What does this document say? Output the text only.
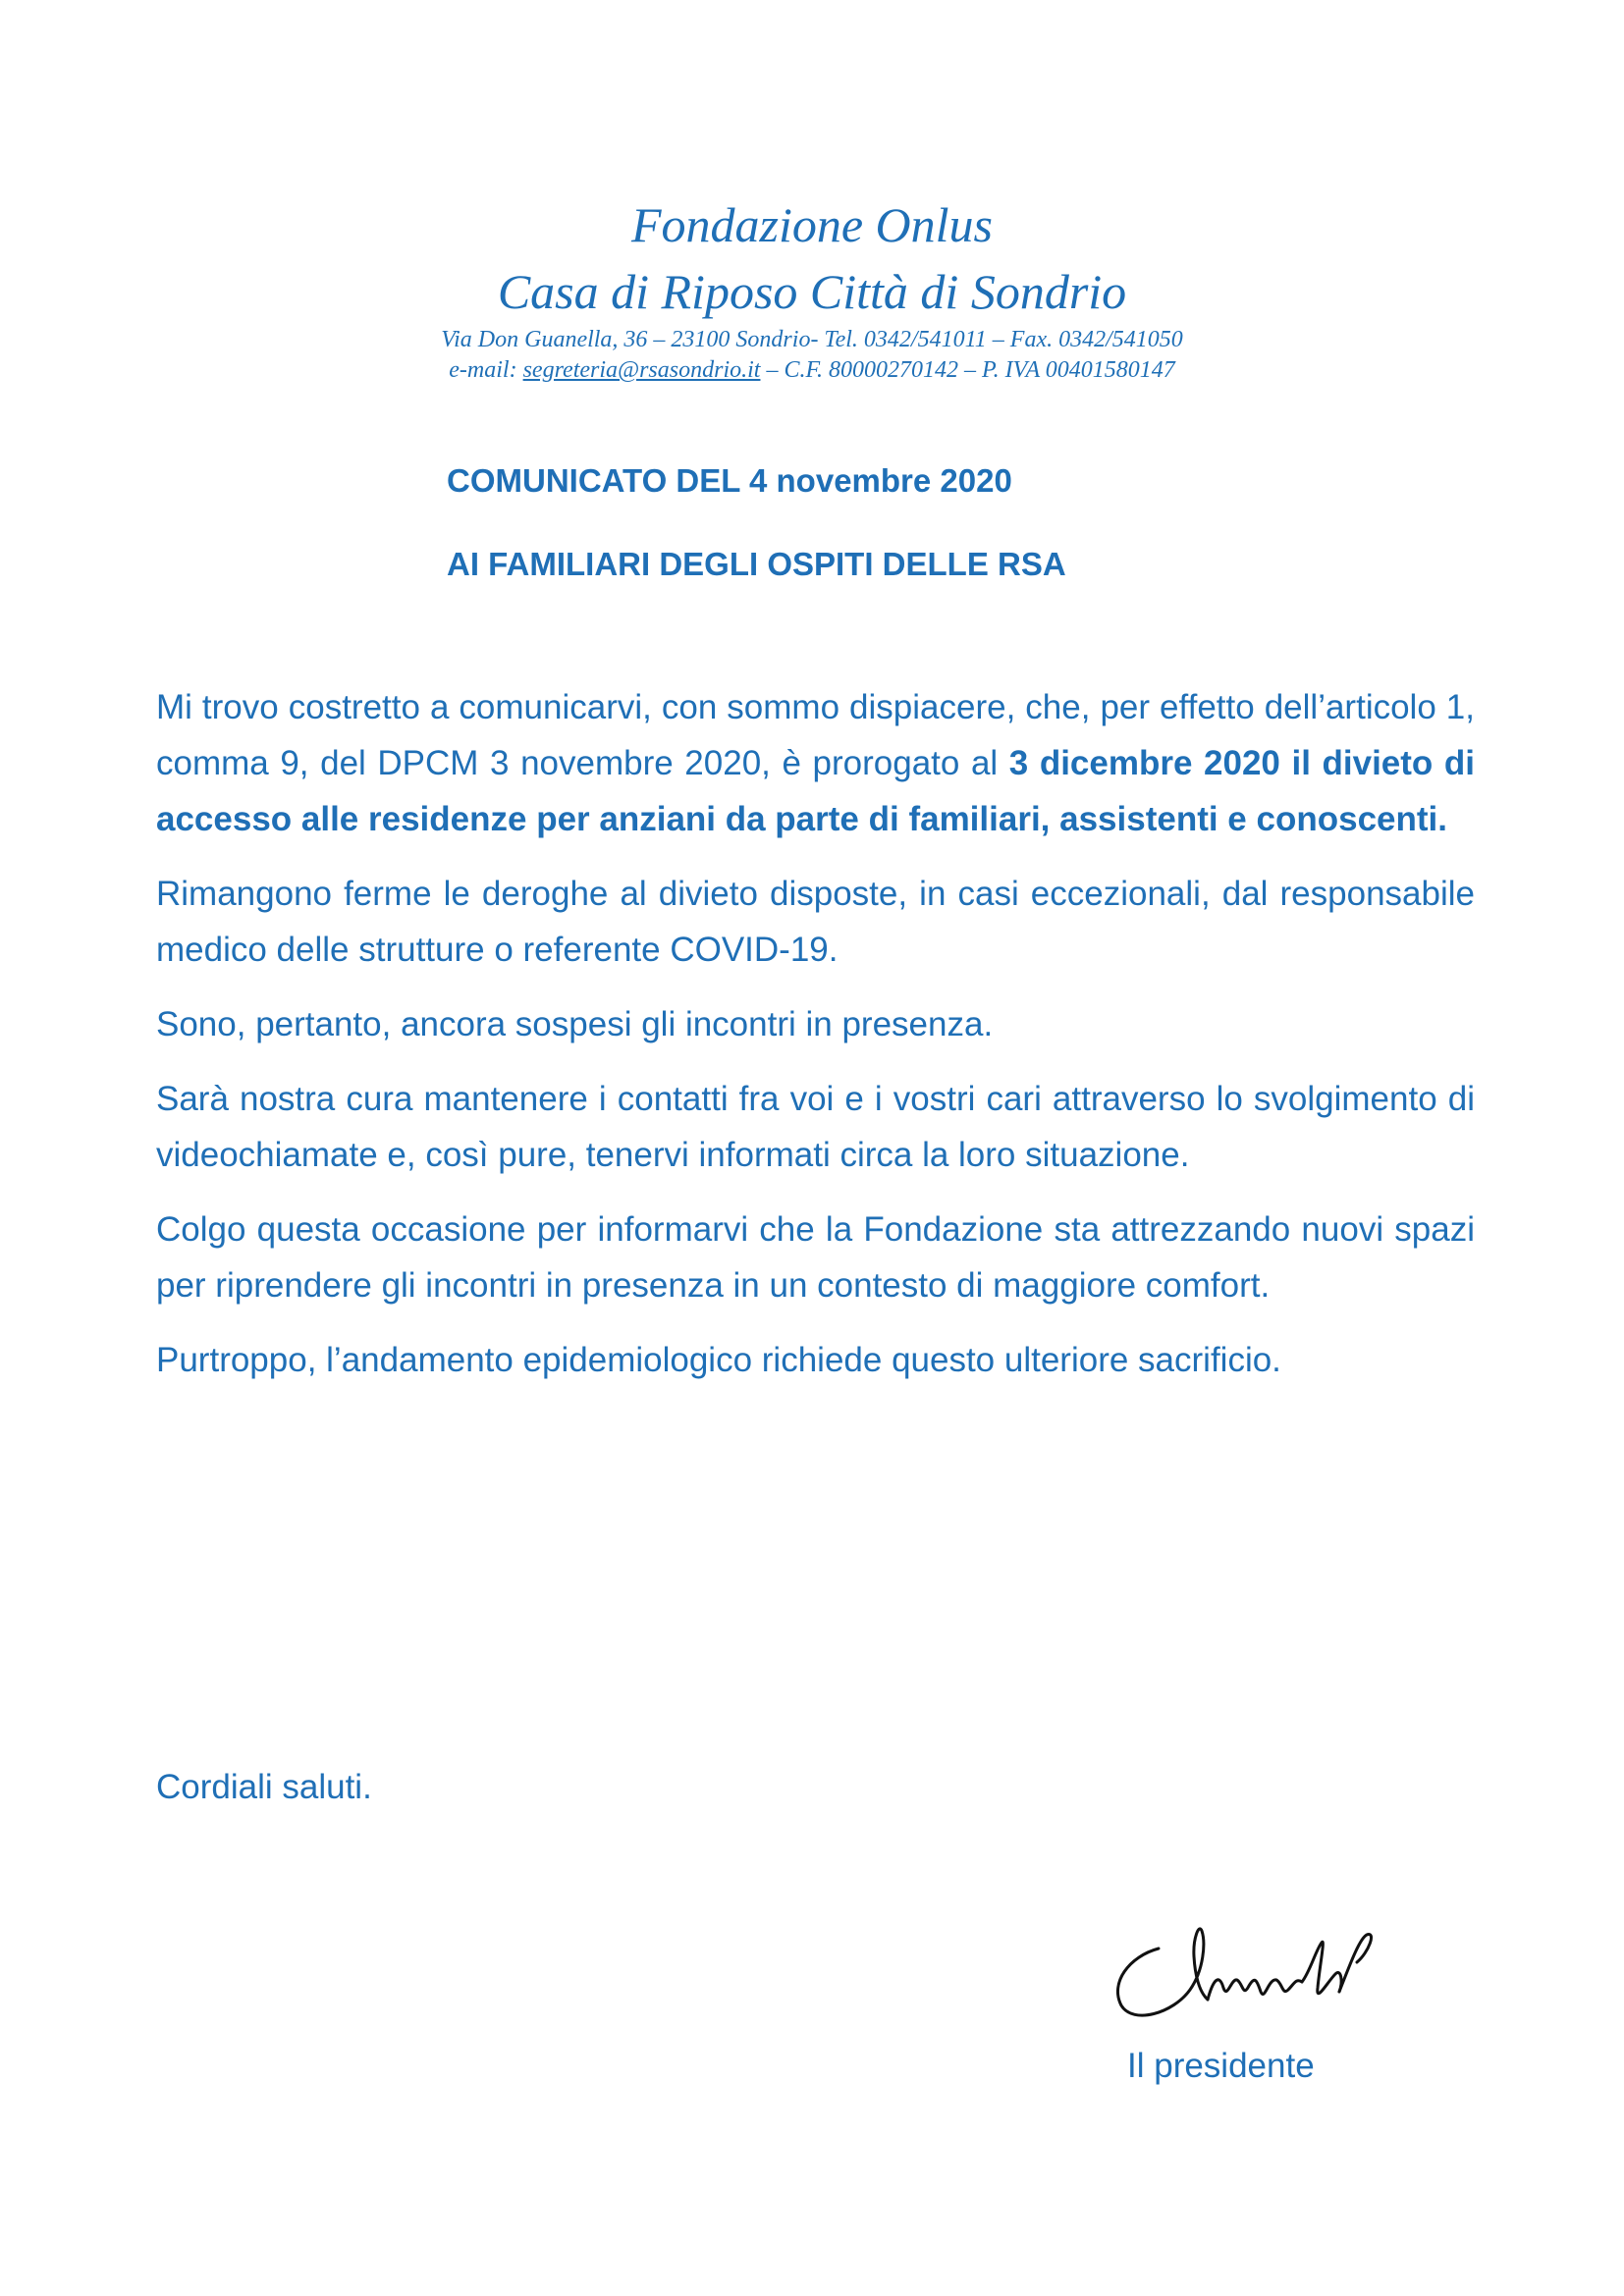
Fondazione Onlus
Casa di Riposo Città di Sondrio
Via Don Guanella, 36 – 23100 Sondrio- Tel. 0342/541011 – Fax. 0342/541050
e-mail: segreteria@rsasondrio.it – C.F. 80000270142 – P. IVA 00401580147
COMUNICATO DEL 4 novembre 2020
AI FAMILIARI DEGLI OSPITI DELLE RSA

Mi trovo costretto a comunicarvi, con sommo dispiacere, che, per effetto dell’articolo 1, comma 9, del DPCM 3 novembre 2020, è prorogato al 3 dicembre 2020 il divieto di accesso alle residenze per anziani da parte di familiari, assistenti e conoscenti.

Rimangono ferme le deroghe al divieto disposte, in casi eccezionali, dal responsabile medico delle strutture o referente COVID-19.

Sono, pertanto, ancora sospesi gli incontri in presenza.

Sarà nostra cura mantenere i contatti fra voi e i vostri cari attraverso lo svolgimento di videochiamate e, così pure, tenervi informati circa la loro situazione.

Colgo questa occasione per informarvi che la Fondazione sta attrezzando nuovi spazi per riprendere gli incontri in presenza in un contesto di maggiore comfort.

Purtroppo, l’andamento epidemiologico richiede questo ulteriore sacrificio.

Cordiali saluti.
Il presidente
